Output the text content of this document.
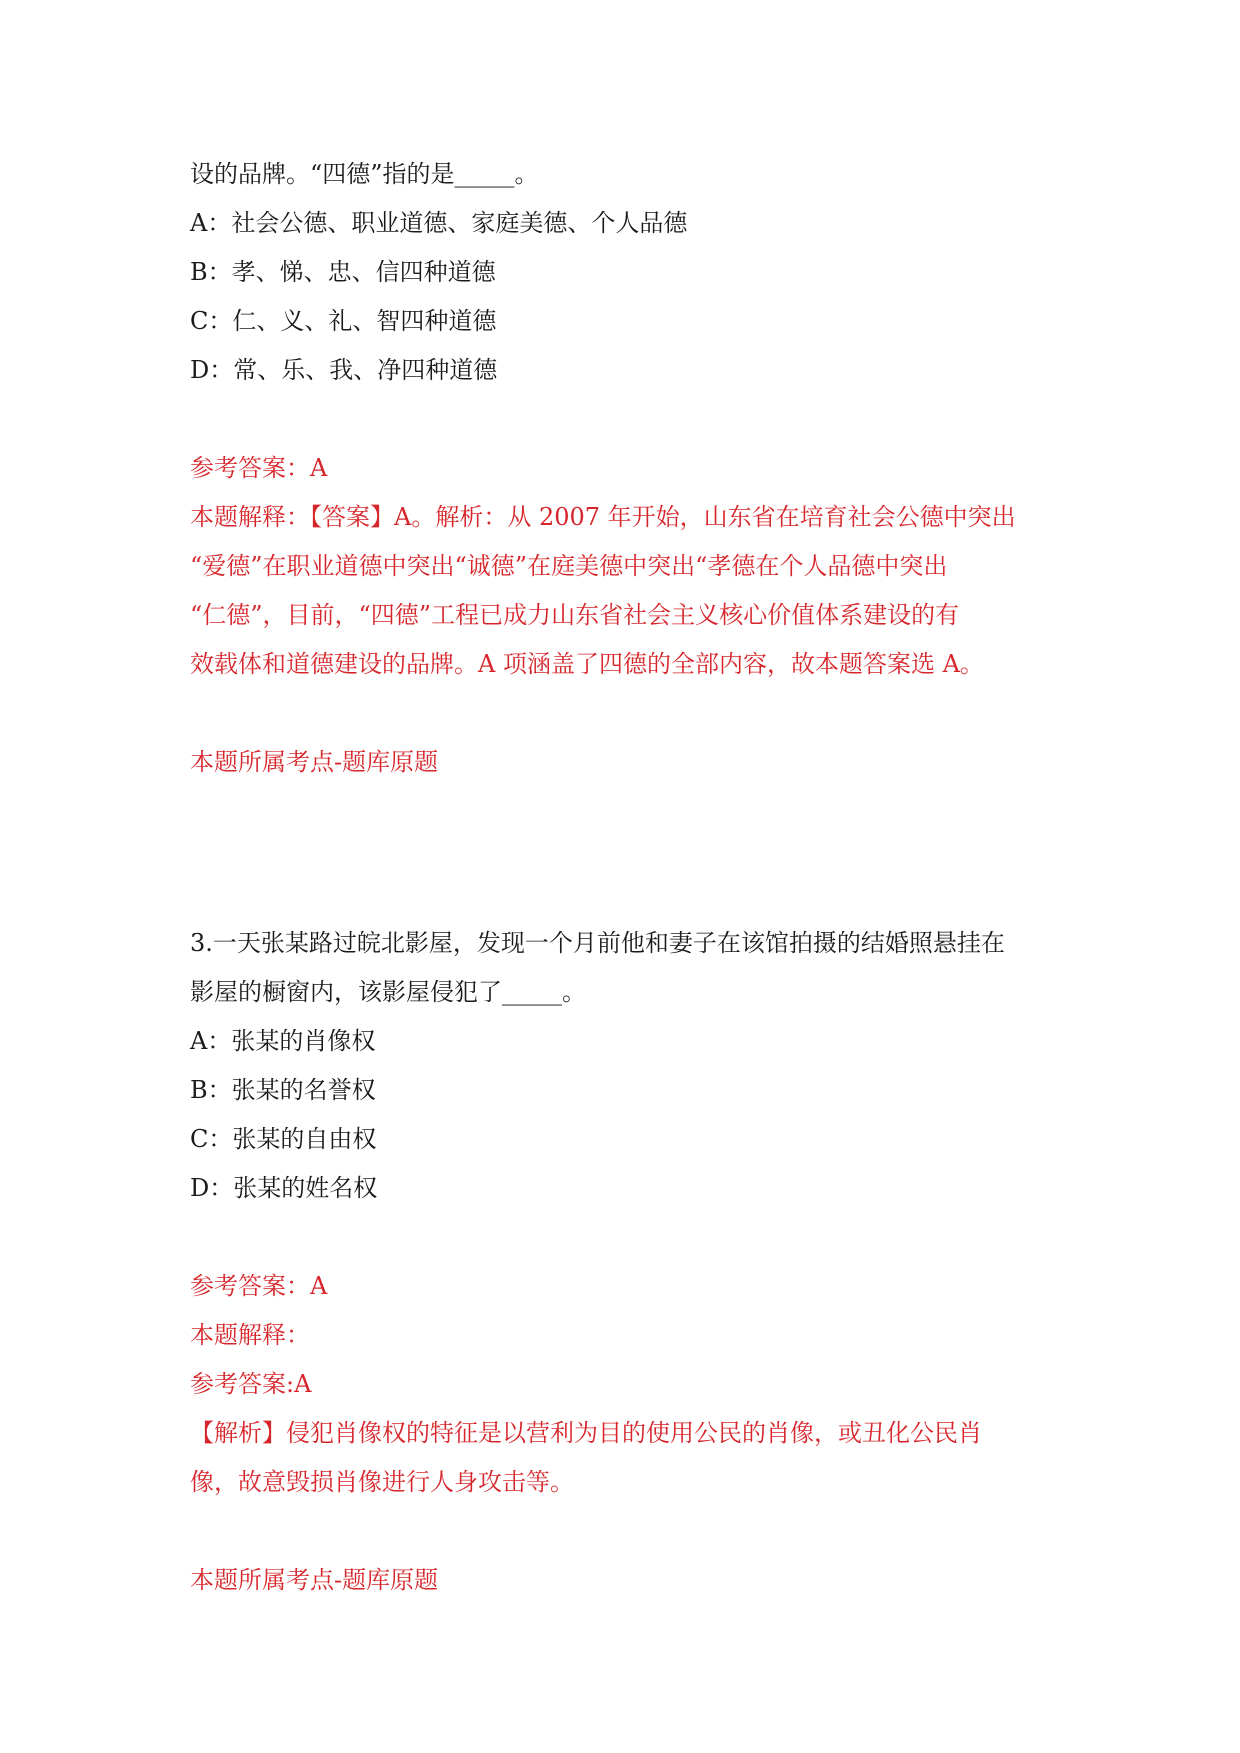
设的品牌。“四德”指的是_____。
A：社会公德、职业道德、家庭美德、个人品德
B：孝、悌、忠、信四种道德
C：仁、义、礼、智四种道德
D：常、乐、我、净四种道德
参考答案：A
本题解释：【答案】A。解析：从 2007 年开始，山东省在培育社会公德中突出
“爱德”在职业道德中突出“诚德”在庭美德中突出“孝德在个人品德中突出
“仁德”，目前，“四德”工程已成力山东省社会主义核心价值体系建设的有
效载体和道德建设的品牌。A 项涵盖了四德的全部内容，故本题答案选 A。
本题所属考点-题库原题
3.一天张某路过皖北影屋，发现一个月前他和妻子在该馆拍摄的结婚照悬挂在
影屋的橱窗内，该影屋侵犯了_____。
A：张某的肖像权
B：张某的名誉权
C：张某的自由权
D：张某的姓名权
参考答案：A
本题解释：
参考答案:A
【解析】侵犯肖像权的特征是以营利为目的使用公民的肖像，或丑化公民肖
像，故意毁损肖像进行人身攻击等。
本题所属考点-题库原题
